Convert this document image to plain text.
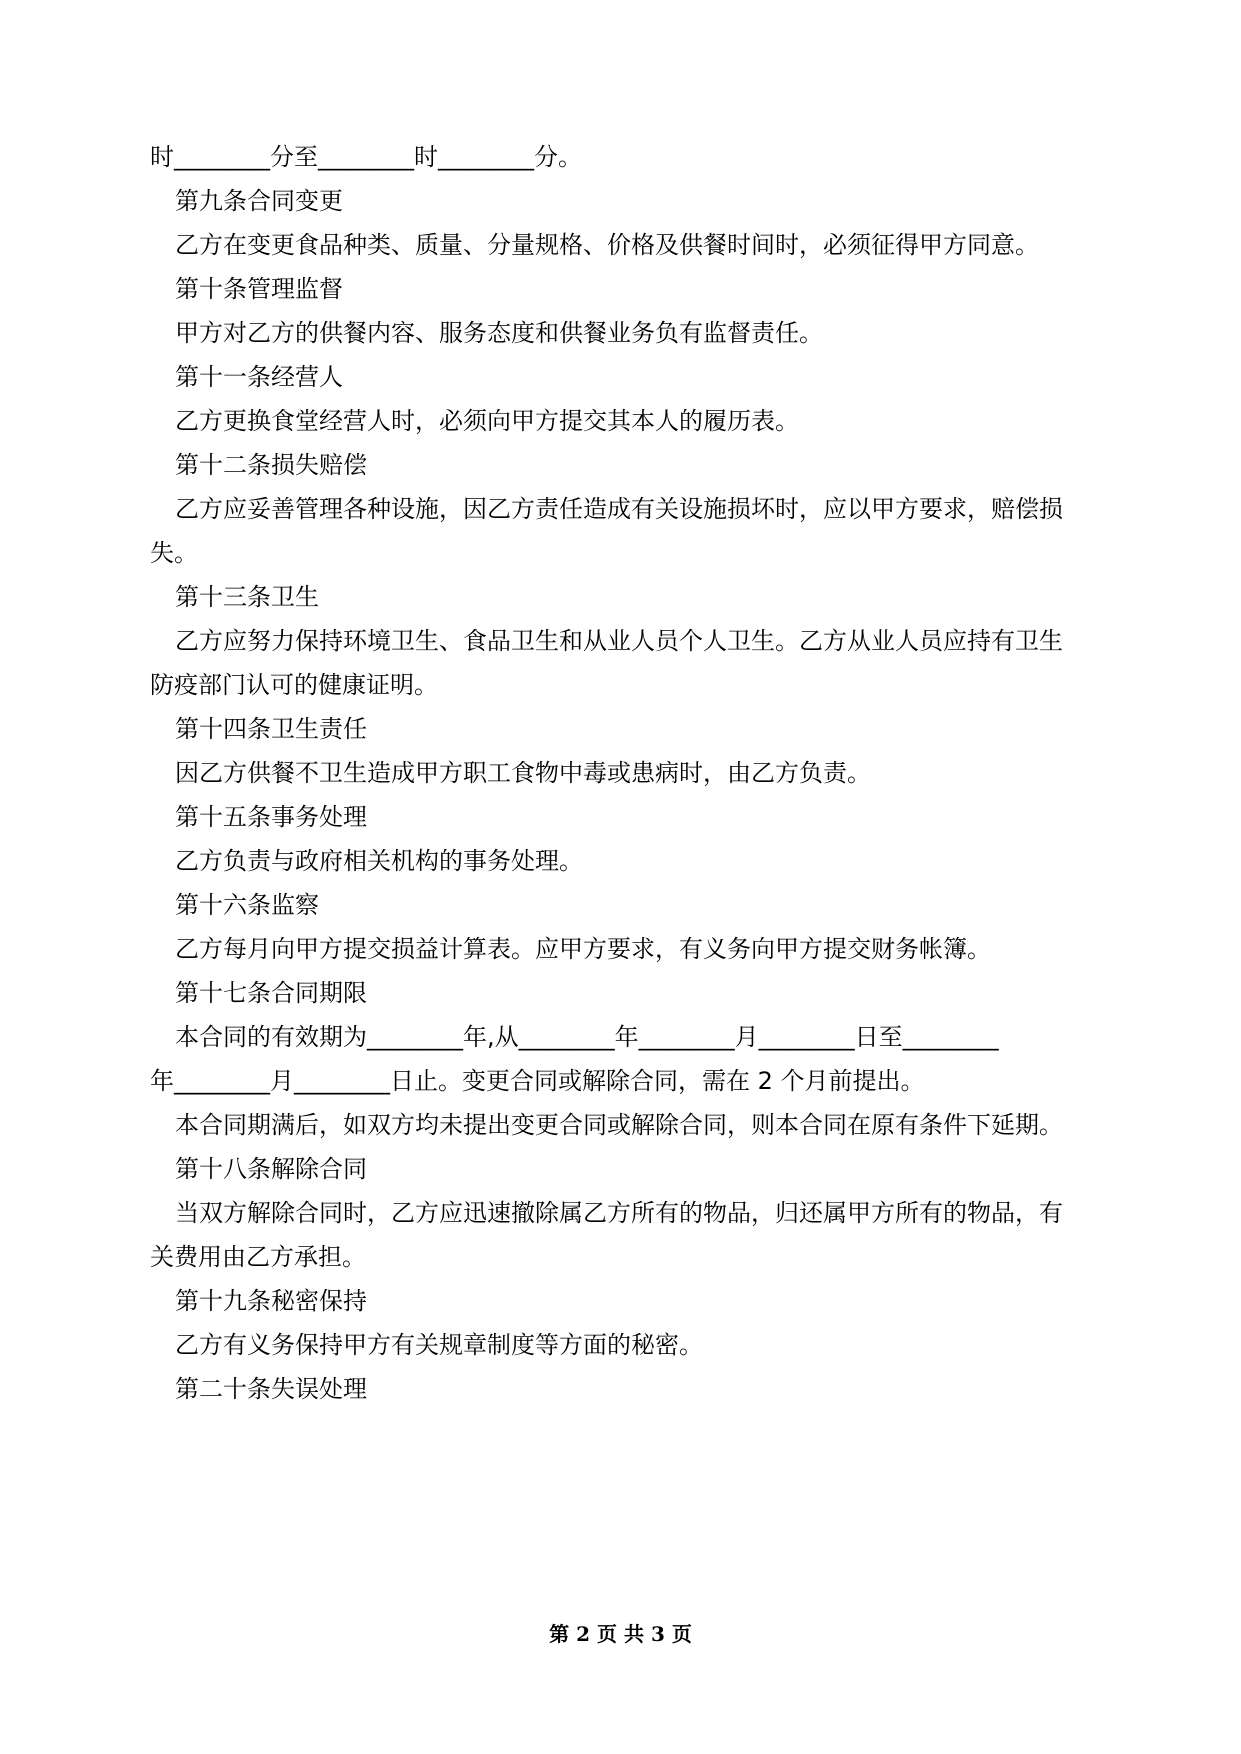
时________分至________时________分。
第九条合同变更
乙方在变更食品种类、质量、分量规格、价格及供餐时间时，必须征得甲方同意。
第十条管理监督
甲方对乙方的供餐内容、服务态度和供餐业务负有监督责任。
第十一条经营人
乙方更换食堂经营人时，必须向甲方提交其本人的履历表。
第十二条损失赔偿
乙方应妥善管理各种设施，因乙方责任造成有关设施损坏时，应以甲方要求，赔偿损
失。
第十三条卫生
乙方应努力保持环境卫生、食品卫生和从业人员个人卫生。乙方从业人员应持有卫生
防疫部门认可的健康证明。
第十四条卫生责任
因乙方供餐不卫生造成甲方职工食物中毒或患病时，由乙方负责。
第十五条事务处理
乙方负责与政府相关机构的事务处理。
第十六条监察
乙方每月向甲方提交损益计算表。应甲方要求，有义务向甲方提交财务帐簿。
第十七条合同期限
本合同的有效期为________年,从________年________月________日至________
年________月________日止。变更合同或解除合同，需在 2 个月前提出。
本合同期满后，如双方均未提出变更合同或解除合同，则本合同在原有条件下延期。
第十八条解除合同
当双方解除合同时，乙方应迅速撤除属乙方所有的物品，归还属甲方所有的物品，有
关费用由乙方承担。
第十九条秘密保持
乙方有义务保持甲方有关规章制度等方面的秘密。
第二十条失误处理
第 2 页 共 3 页
